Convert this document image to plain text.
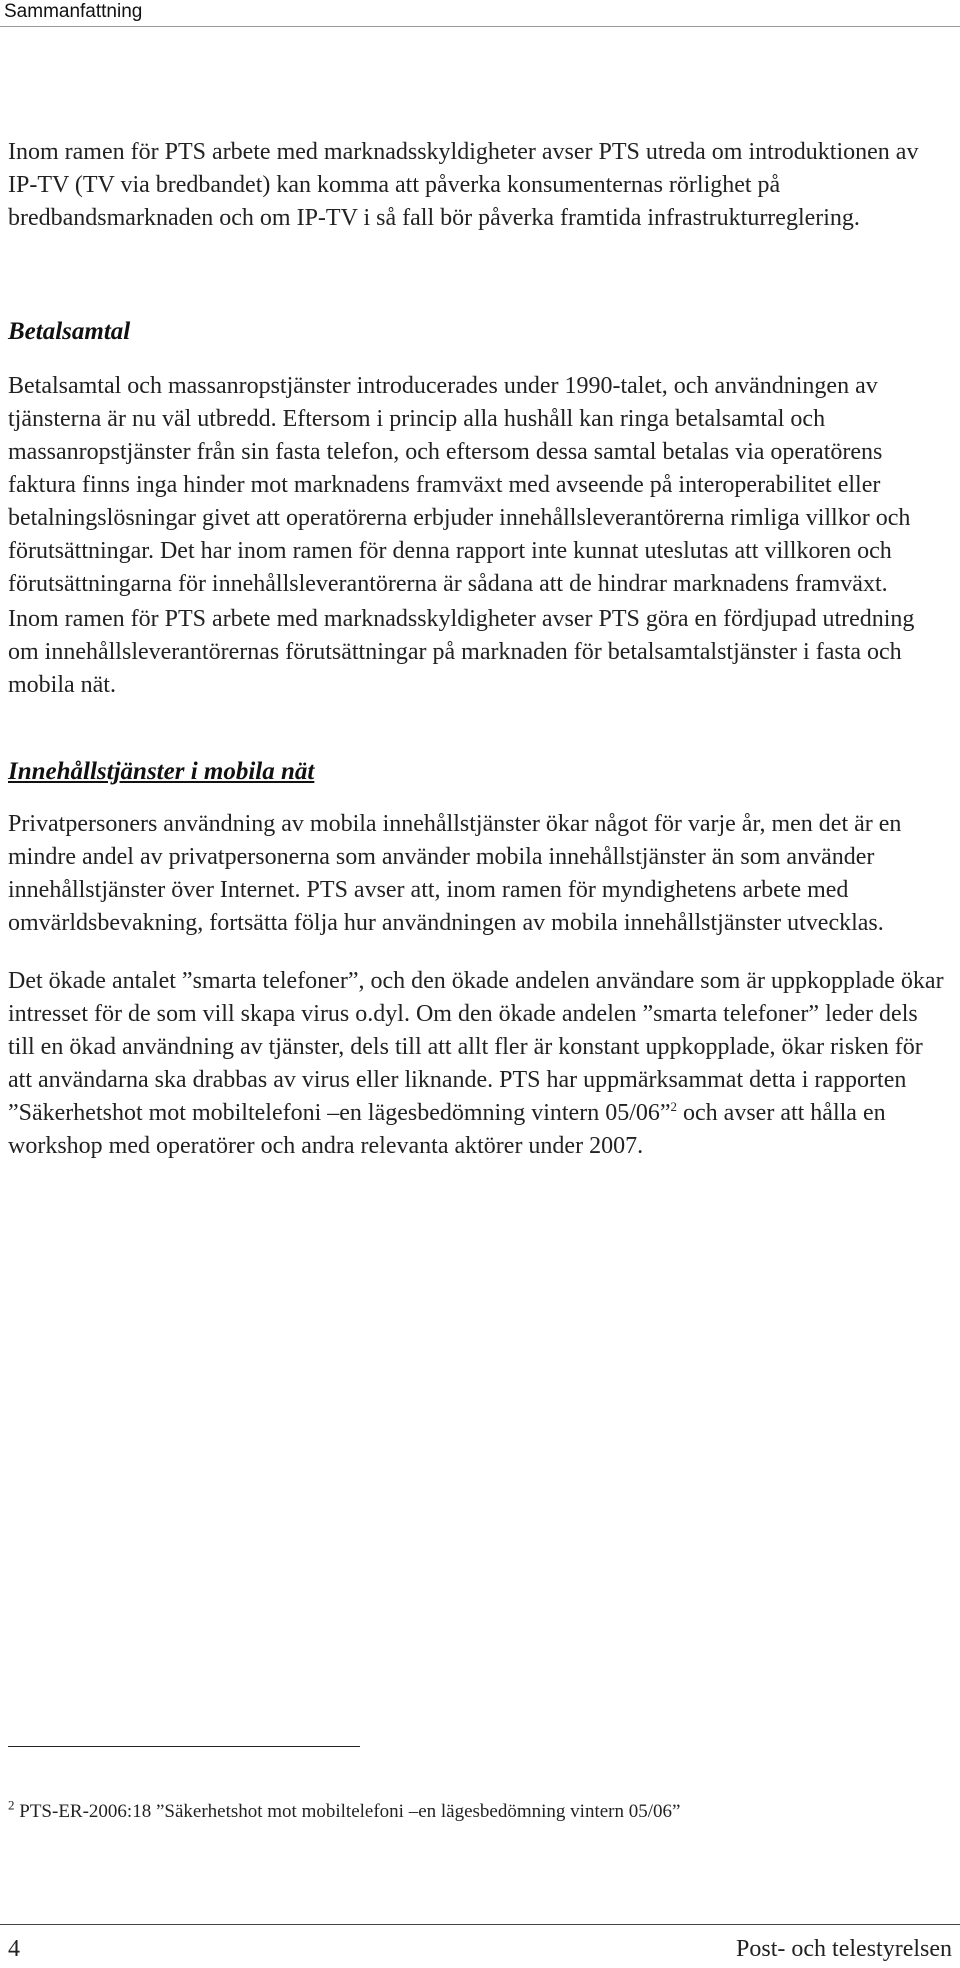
Sammanfattning

Inom ramen för PTS arbete med marknadsskyldigheter avser PTS utreda om introduktionen av IP-TV (TV via bredbandet) kan komma att påverka konsumenternas rörlighet på bredbandsmarknaden och om IP-TV i så fall bör påverka framtida infrastrukturreglering.

Betalsamtal

Betalsamtal och massanropstjänster introducerades under 1990-talet, och användningen av tjänsterna är nu väl utbredd. Eftersom i princip alla hushåll kan ringa betalsamtal och massanropstjänster från sin fasta telefon, och eftersom dessa samtal betalas via operatörens faktura finns inga hinder mot marknadens framväxt med avseende på interoperabilitet eller betalningslösningar givet att operatörerna erbjuder innehållsleverantörerna rimliga villkor och förutsättningar. Det har inom ramen för denna rapport inte kunnat uteslutas att villkoren och förutsättningarna för innehållsleverantörerna är sådana att de hindrar marknadens framväxt.

Inom ramen för PTS arbete med marknadsskyldigheter avser PTS göra en fördjupad utredning om innehållsleverantörernas förutsättningar på marknaden för betalsamtalstjänster i fasta och mobila nät.

Innehållstjänster i mobila nät

Privatpersoners användning av mobila innehållstjänster ökar något för varje år, men det är en mindre andel av privatpersonerna som använder mobila innehållstjänster än som använder innehållstjänster över Internet. PTS avser att, inom ramen för myndighetens arbete med omvärldsbevakning, fortsätta följa hur användningen av mobila innehållstjänster utvecklas.

Det ökade antalet ”smarta telefoner”, och den ökade andelen användare som är uppkopplade ökar intresset för de som vill skapa virus o.dyl. Om den ökade andelen ”smarta telefoner” leder dels till en ökad användning av tjänster, dels till att allt fler är konstant uppkopplade, ökar risken för att användarna ska drabbas av virus eller liknande. PTS har uppmärksammat detta i rapporten ”Säkerhetshot mot mobiltelefoni –en lägesbedömning vintern 05/06”$^2$ och avser att hålla en workshop med operatörer och andra relevanta aktörer under 2007.

$^2$ PTS-ER-2006:18 ”Säkerhetshot mot mobiltelefoni –en lägesbedömning vintern 05/06”
4	Post- och telestyrelsen
